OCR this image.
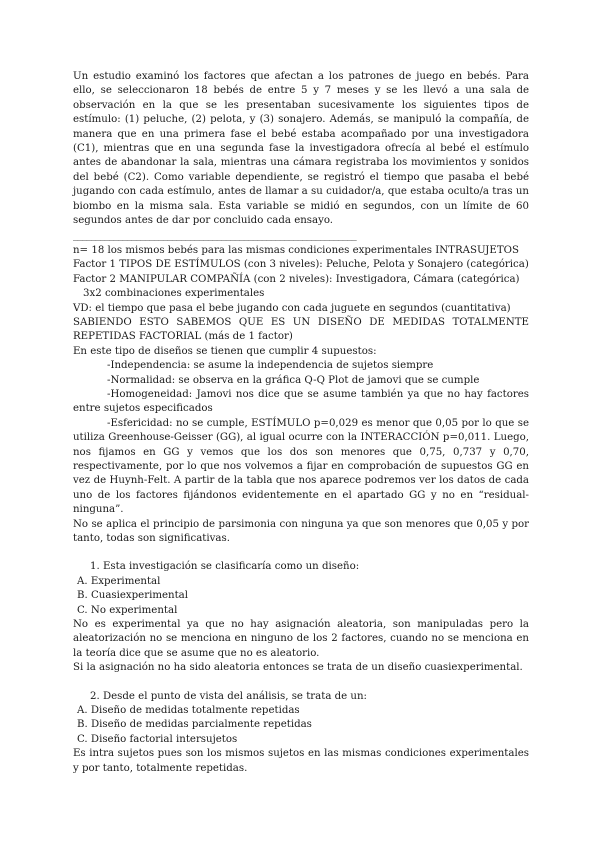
Un estudio examinó los factores que afectan a los patrones de juego en bebés. Para ello, se seleccionaron 18 bebés de entre 5 y 7 meses y se les llevó a una sala de observación en la que se les presentaban sucesivamente los siguientes tipos de estímulo: (1) peluche, (2) pelota, y (3) sonajero. Además, se manipuló la compañía, de manera que en una primera fase el bebé estaba acompañado por una investigadora (C1), mientras que en una segunda fase la investigadora ofrecía al bebé el estímulo antes de abandonar la sala, mientras una cámara registraba los movimientos y sonidos del bebé (C2). Como variable dependiente, se registró el tiempo que pasaba el bebé jugando con cada estímulo, antes de llamar a su cuidador/a, que estaba oculto/a tras un biombo en la misma sala. Esta variable se midió en segundos, con un límite de 60 segundos antes de dar por concluido cada ensayo.

_______________________________________________________________

n= 18 los mismos bebés para las mismas condiciones experimentales INTRASUJETOS

Factor 1 TIPOS DE ESTÍMULOS (con 3 niveles): Peluche, Pelota y Sonajero (categórica)

Factor 2 MANIPULAR COMPAÑÍA (con 2 niveles): Investigadora, Cámara (categórica)

3x2 combinaciones experimentales

VD: el tiempo que pasa el bebe jugando con cada juguete en segundos (cuantitativa)

SABIENDO ESTO SABEMOS QUE ES UN DISEÑO DE MEDIDAS TOTALMENTE REPETIDAS FACTORIAL (más de 1 factor)

En este tipo de diseños se tienen que cumplir 4 supuestos:

-Independencia: se asume la independencia de sujetos siempre

-Normalidad: se observa en la gráfica Q-Q Plot de jamovi que se cumple

-Homogeneidad: Jamovi nos dice que se asume también ya que no hay factores entre sujetos especificados

-Esfericidad: no se cumple, ESTÍMULO p=0,029 es menor que 0,05 por lo que se utiliza Greenhouse-Geisser (GG), al igual ocurre con la INTERACCIÓN p=0,011. Luego, nos fijamos en GG y vemos que los dos son menores que 0,75, 0,737 y 0,70, respectivamente, por lo que nos volvemos a fijar en comprobación de supuestos GG en vez de Huynh-Felt. A partir de la tabla que nos aparece podremos ver los datos de cada uno de los factores fijándonos evidentemente en el apartado GG y no en “residual-ninguna”.

No se aplica el principio de parsimonia con ninguna ya que son menores que 0,05 y por tanto, todas son significativas.

1. Esta investigación se clasificaría como un diseño:

A. Experimental

B. Cuasiexperimental

C. No experimental

No es experimental ya que no hay asignación aleatoria, son manipuladas pero la aleatorización no se menciona en ninguno de los 2 factores, cuando no se menciona en la teoría dice que se asume que no es aleatorio.

Si la asignación no ha sido aleatoria entonces se trata de un diseño cuasiexperimental.

2. Desde el punto de vista del análisis, se trata de un:

A. Diseño de medidas totalmente repetidas

B. Diseño de medidas parcialmente repetidas

C. Diseño factorial intersujetos

Es intra sujetos pues son los mismos sujetos en las mismas condiciones experimentales y por tanto, totalmente repetidas.
